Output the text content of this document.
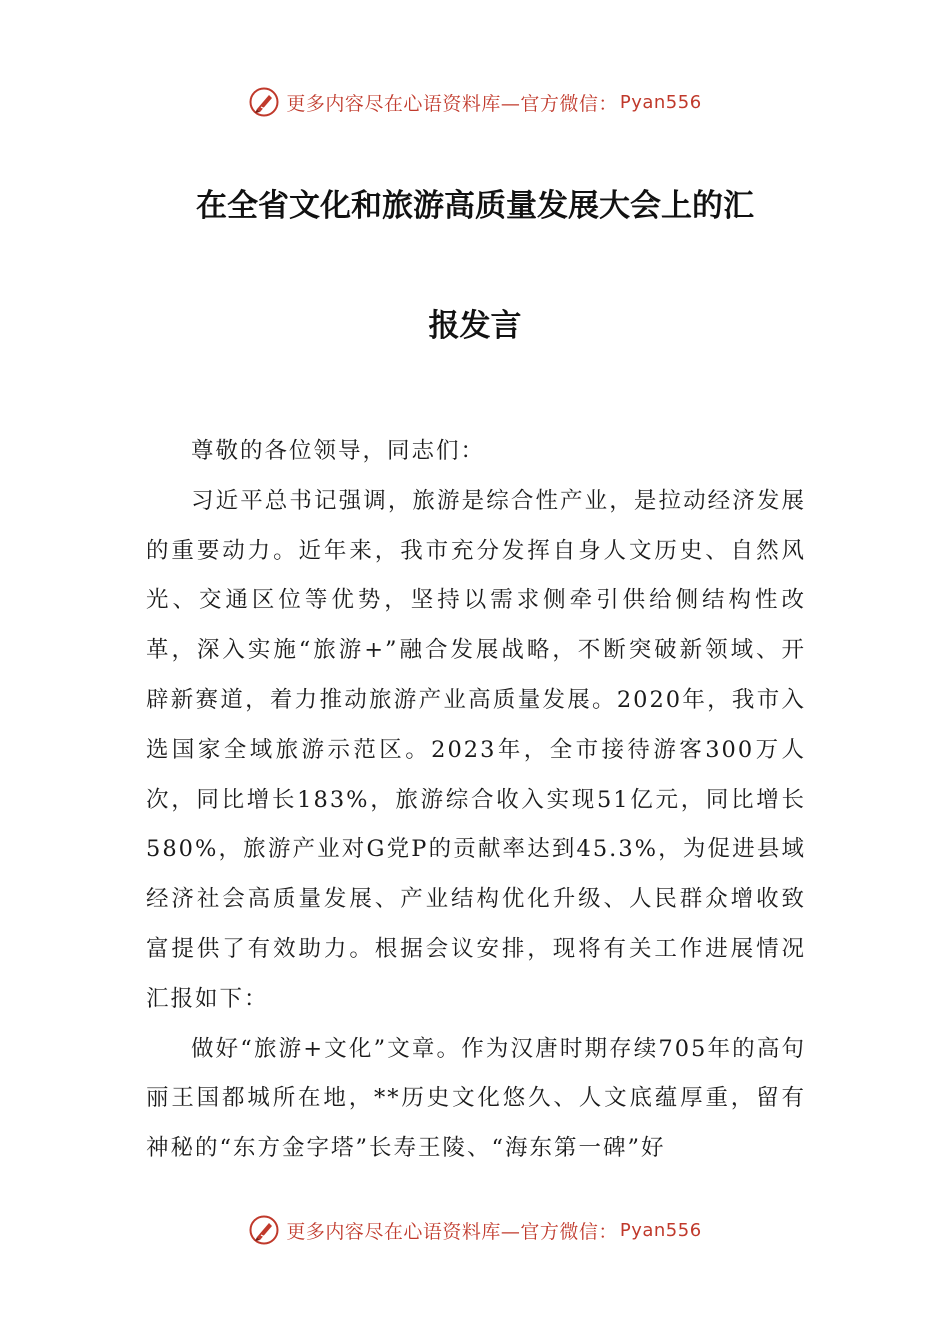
更多内容尽在心语资料库—官方微信： Pyan556
在全省文化和旅游高质量发展大会上的汇
报发言

尊敬的各位领导，同志们：

习近平总书记强调，旅游是综合性产业，是拉动经济发展的重要动力。近年来，我市充分发挥自身人文历史、自然风光、交通区位等优势，坚持以需求侧牵引供给侧结构性改革，深入实施“旅游+”融合发展战略，不断突破新领域、开辟新赛道，着力推动旅游产业高质量发展。2020年，我市入选国家全域旅游示范区。2023年，全市接待游客300万人次，同比增长183%，旅游综合收入实现51亿元，同比增长580%，旅游产业对G党P的贡献率达到45.3%，为促进县域经济社会高质量发展、产业结构优化升级、人民群众增收致富提供了有效助力。根据会议安排，现将有关工作进展情况汇报如下：

做好“旅游+文化”文章。作为汉唐时期存续705年的高句丽王国都城所在地，**历史文化悠久、人文底蕴厚重，留有神秘的“东方金字塔”长寿王陵、“海东第一碑”好

更多内容尽在心语资料库—官方微信： Pyan556
